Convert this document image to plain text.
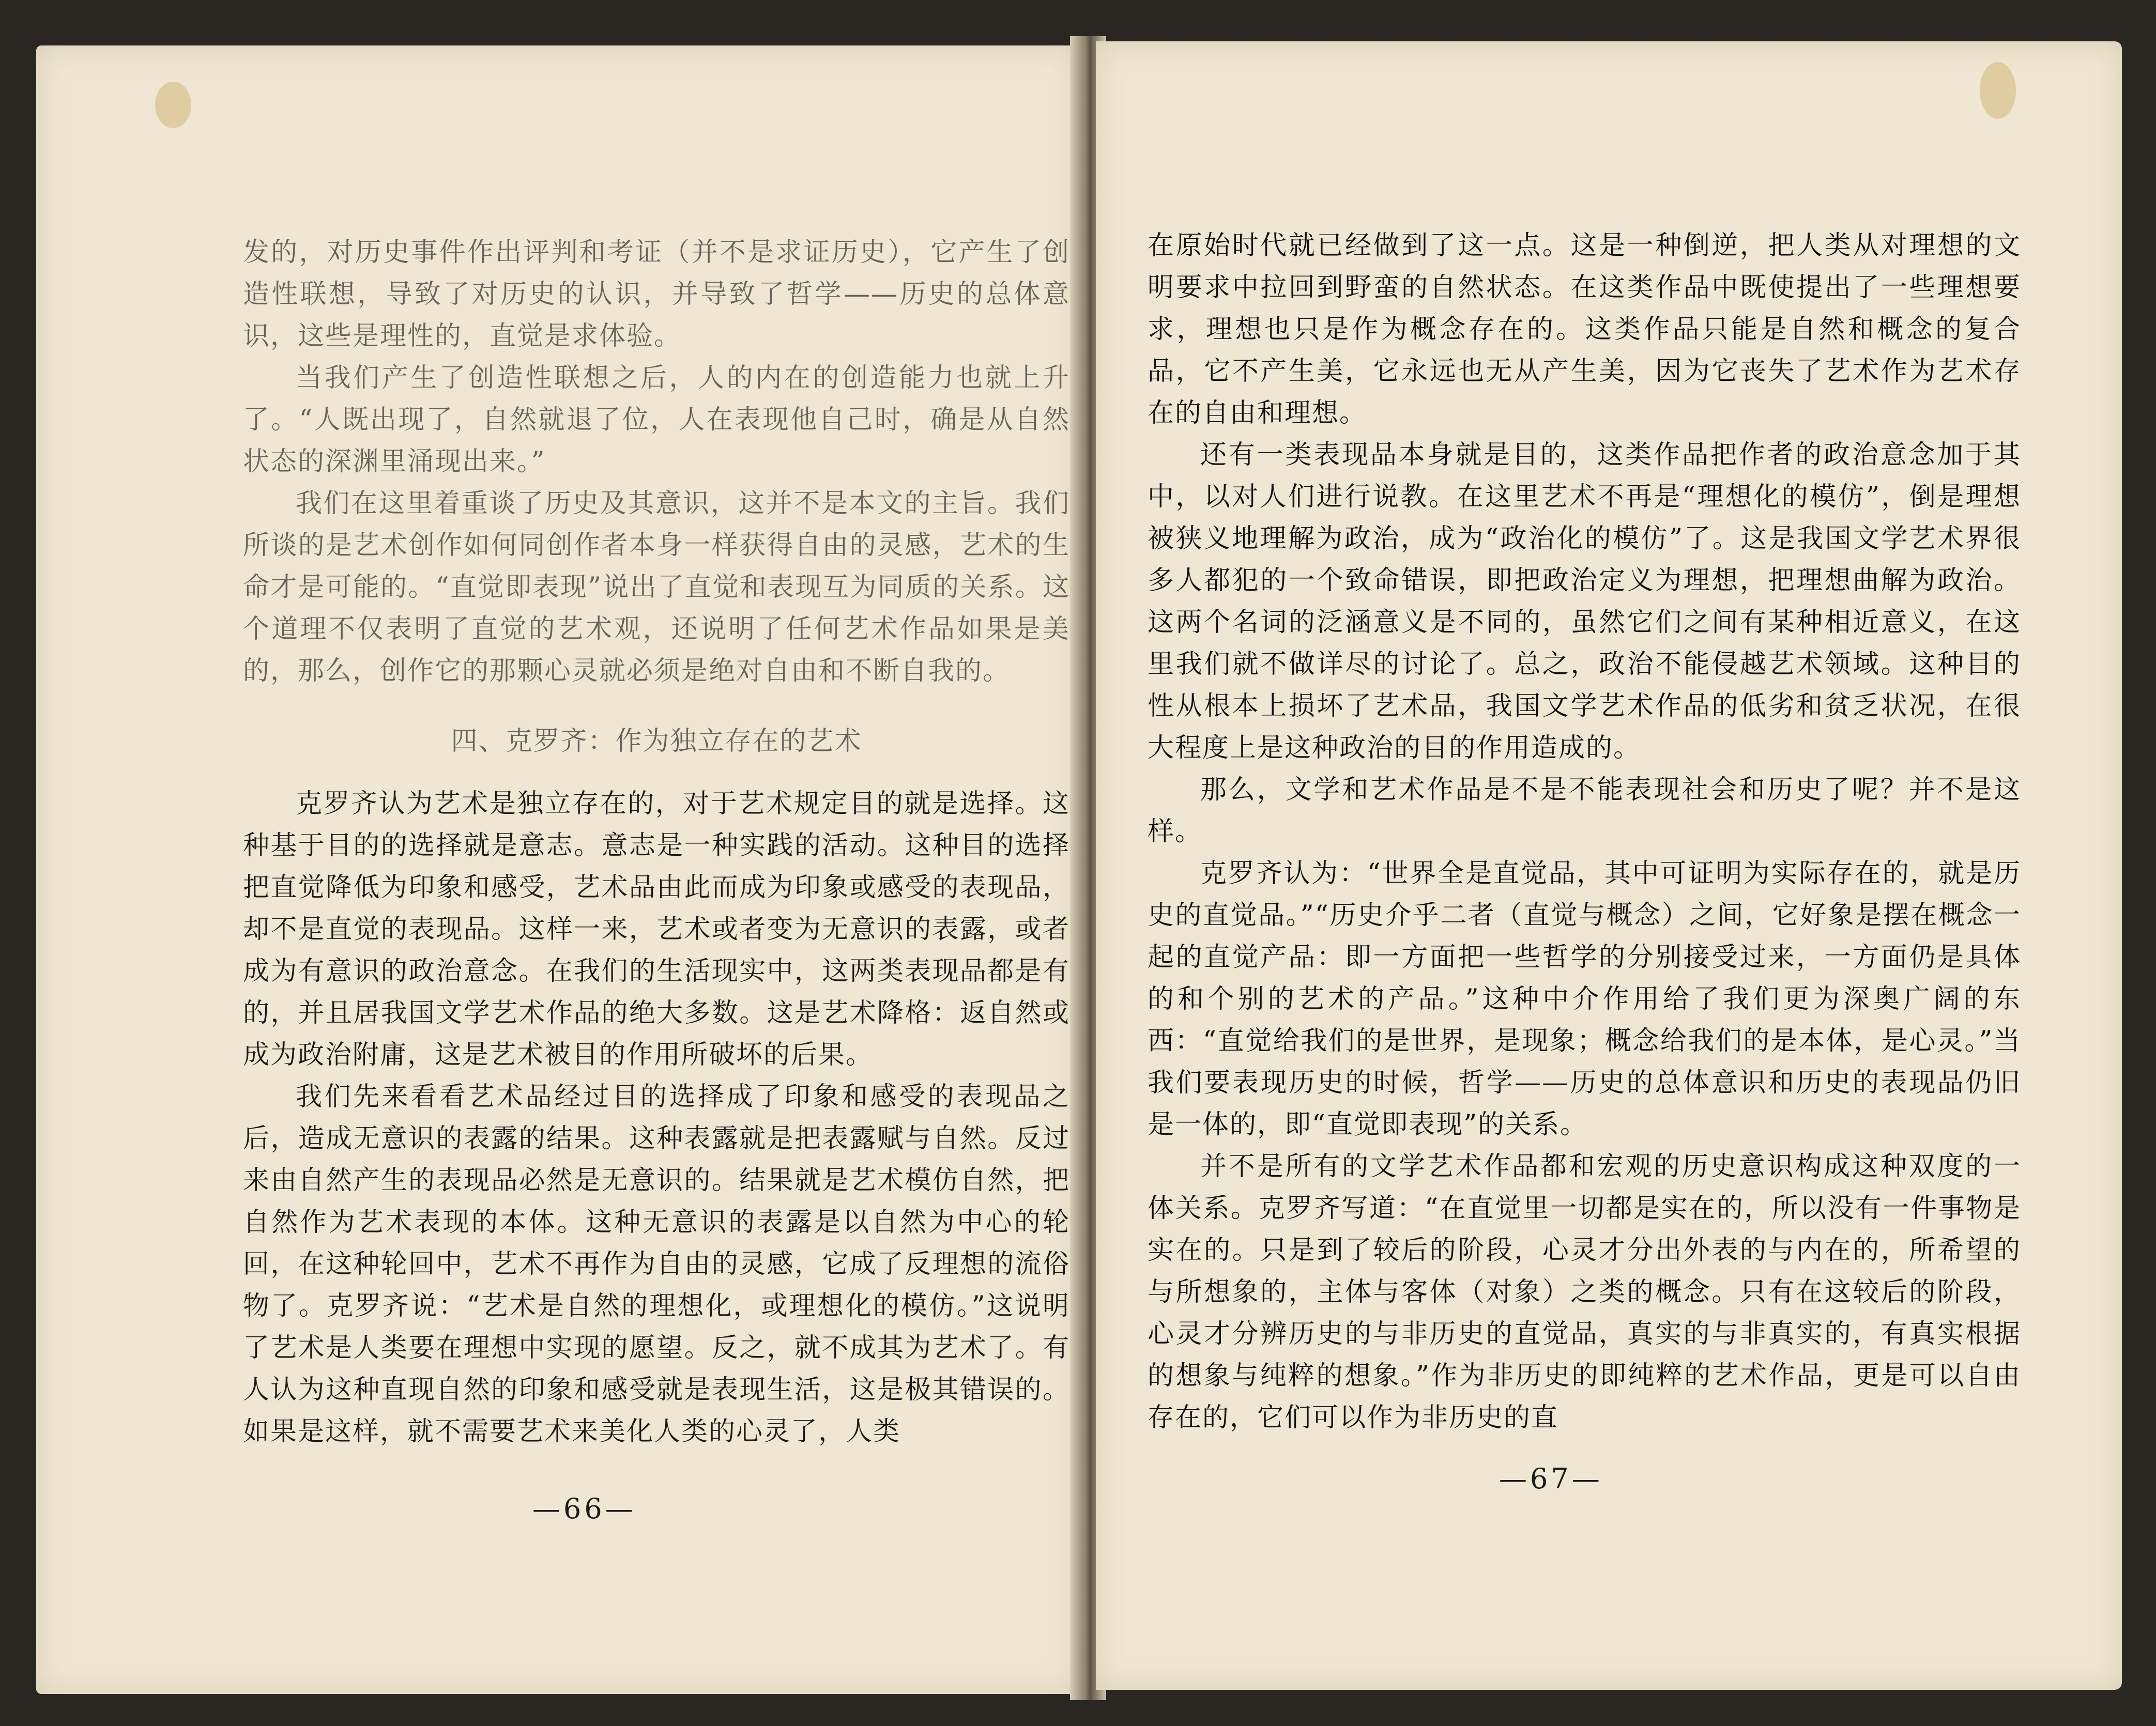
发的，对历史事件作出评判和考证（并不是求证历史），它产生了创造性联想，导致了对历史的认识，并导致了哲学——历史的总体意识，这些是理性的，直觉是求体验。

当我们产生了创造性联想之后，人的内在的创造能力也就上升了。“人既出现了，自然就退了位，人在表现他自己时，确是从自然状态的深渊里涌现出来。”

我们在这里着重谈了历史及其意识，这并不是本文的主旨。我们所谈的是艺术创作如何同创作者本身一样获得自由的灵感，艺术的生命才是可能的。“直觉即表现”说出了直觉和表现互为同质的关系。这个道理不仅表明了直觉的艺术观，还说明了任何艺术作品如果是美的，那么，创作它的那颗心灵就必须是绝对自由和不断自我的。

四、克罗齐：作为独立存在的艺术

克罗齐认为艺术是独立存在的，对于艺术规定目的就是选择。这种基于目的的选择就是意志。意志是一种实践的活动。这种目的选择把直觉降低为印象和感受，艺术品由此而成为印象或感受的表现品，却不是直觉的表现品。这样一来，艺术或者变为无意识的表露，或者成为有意识的政治意念。在我们的生活现实中，这两类表现品都是有的，并且居我国文学艺术作品的绝大多数。这是艺术降格：返自然或成为政治附庸，这是艺术被目的作用所破坏的后果。

我们先来看看艺术品经过目的选择成了印象和感受的表现品之后，造成无意识的表露的结果。这种表露就是把表露赋与自然。反过来由自然产生的表现品必然是无意识的。结果就是艺术模仿自然，把自然作为艺术表现的本体。这种无意识的表露是以自然为中心的轮回，在这种轮回中，艺术不再作为自由的灵感，它成了反理想的流俗物了。克罗齐说：“艺术是自然的理想化，或理想化的模仿。”这说明了艺术是人类要在理想中实现的愿望。反之，就不成其为艺术了。有人认为这种直现自然的印象和感受就是表现生活，这是极其错误的。如果是这样，就不需要艺术来美化人类的心灵了，人类

—66—

在原始时代就已经做到了这一点。这是一种倒逆，把人类从对理想的文明要求中拉回到野蛮的自然状态。在这类作品中既使提出了一些理想要求，理想也只是作为概念存在的。这类作品只能是自然和概念的复合品，它不产生美，它永远也无从产生美，因为它丧失了艺术作为艺术存在的自由和理想。

还有一类表现品本身就是目的，这类作品把作者的政治意念加于其中，以对人们进行说教。在这里艺术不再是“理想化的模仿”，倒是理想被狭义地理解为政治，成为“政治化的模仿”了。这是我国文学艺术界很多人都犯的一个致命错误，即把政治定义为理想，把理想曲解为政治。这两个名词的泛涵意义是不同的，虽然它们之间有某种相近意义，在这里我们就不做详尽的讨论了。总之，政治不能侵越艺术领域。这种目的性从根本上损坏了艺术品，我国文学艺术作品的低劣和贫乏状况，在很大程度上是这种政治的目的作用造成的。

那么，文学和艺术作品是不是不能表现社会和历史了呢？并不是这样。

克罗齐认为：“世界全是直觉品，其中可证明为实际存在的，就是历史的直觉品。”“历史介乎二者（直觉与概念）之间，它好象是摆在概念一起的直觉产品：即一方面把一些哲学的分别接受过来，一方面仍是具体的和个别的艺术的产品。”这种中介作用给了我们更为深奥广阔的东西：“直觉给我们的是世界，是现象；概念给我们的是本体，是心灵。”当我们要表现历史的时候，哲学——历史的总体意识和历史的表现品仍旧是一体的，即“直觉即表现”的关系。

并不是所有的文学艺术作品都和宏观的历史意识构成这种双度的一体关系。克罗齐写道：“在直觉里一切都是实在的，所以没有一件事物是实在的。只是到了较后的阶段，心灵才分出外表的与内在的，所希望的与所想象的，主体与客体（对象）之类的概念。只有在这较后的阶段，心灵才分辨历史的与非历史的直觉品，真实的与非真实的，有真实根据的想象与纯粹的想象。”作为非历史的即纯粹的艺术作品，更是可以自由存在的，它们可以作为非历史的直

—67—
